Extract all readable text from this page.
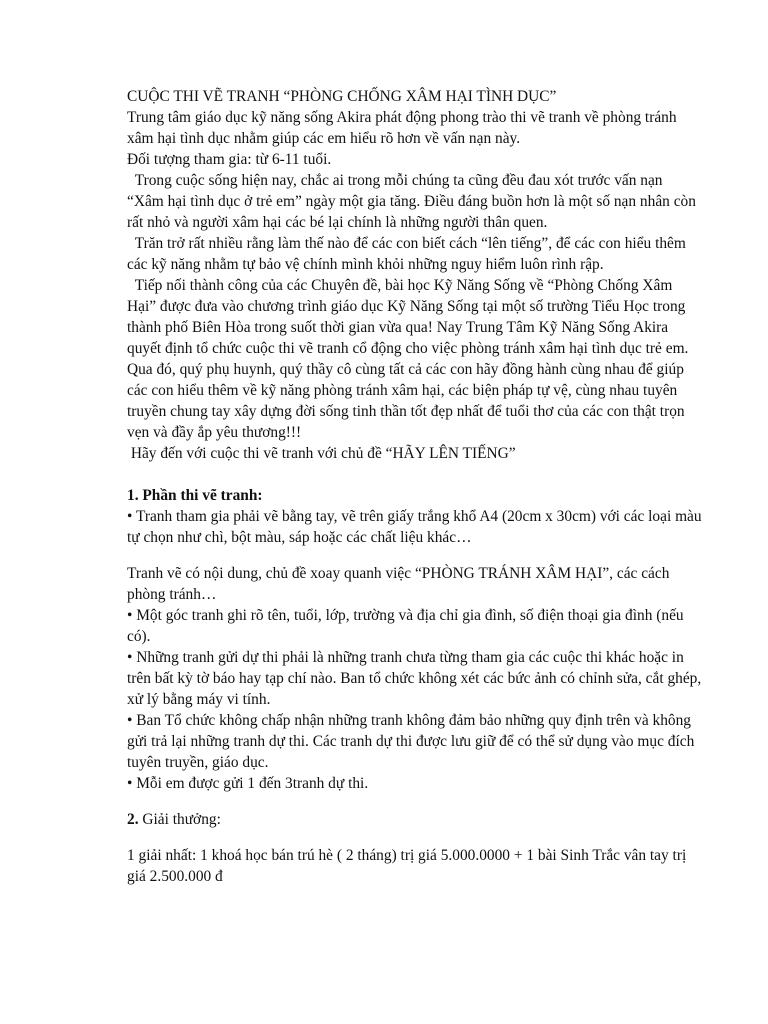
CUỘC THI VẼ TRANH “PHÒNG CHỐNG XÂM HẠI TÌNH DỤC”

Trung tâm giáo dục kỹ năng sống Akira phát động phong trào thi vẽ tranh về phòng tránh xâm hại tình dục nhằm giúp các em hiểu rõ hơn về vấn nạn này.

Đối tượng tham gia: từ 6-11 tuổi.

Trong cuộc sống hiện nay, chắc ai trong mỗi chúng ta cũng đều đau xót trước vấn nạn “Xâm hại tình dục ở trẻ em” ngày một gia tăng. Điều đáng buồn hơn là một số nạn nhân còn rất nhỏ và người xâm hại các bé lại chính là những người thân quen.

Trăn trở rất nhiều rằng làm thế nào để các con biết cách “lên tiếng”, để các con hiểu thêm các kỹ năng nhằm tự bảo vệ chính mình khỏi những nguy hiểm luôn rình rập.

Tiếp nối thành công của các Chuyên đề, bài học Kỹ Năng Sống về “Phòng Chống Xâm Hại” được đưa vào chương trình giáo dục Kỹ Năng Sống tại một số trường Tiểu Học trong thành phố Biên Hòa trong suốt thời gian vừa qua! Nay Trung Tâm Kỹ Năng Sống Akira quyết định tổ chức cuộc thi vẽ tranh cổ động cho việc phòng tránh xâm hại tình dục trẻ em. Qua đó, quý phụ huynh, quý thầy cô cùng tất cả các con hãy đồng hành cùng nhau để giúp các con hiểu thêm về kỹ năng phòng tránh xâm hại, các biện pháp tự vệ, cùng nhau tuyên truyền chung tay xây dựng đời sống tinh thần tốt đẹp nhất để tuổi thơ của các con thật trọn vẹn và đầy ắp yêu thương!!!

Hãy đến với cuộc thi vẽ tranh với chủ đề “HÃY LÊN TIẾNG”

1. Phần thi vẽ tranh:

• Tranh tham gia phải vẽ bằng tay, vẽ trên giấy trắng khổ A4 (20cm x 30cm) với các loại màu tự chọn như chì, bột màu, sáp hoặc các chất liệu khác…

Tranh vẽ có nội dung, chủ đề xoay quanh việc “PHÒNG TRÁNH XÂM HẠI”, các cách phòng tránh…

• Một góc tranh ghi rõ tên, tuổi, lớp, trường và địa chỉ gia đình, số điện thoại gia đình (nếu có).

• Những tranh gửi dự thi phải là những tranh chưa từng tham gia các cuộc thi khác hoặc in trên bất kỳ tờ báo hay tạp chí nào. Ban tổ chức không xét các bức ảnh có chỉnh sửa, cắt ghép, xử lý bằng máy vi tính.

• Ban Tổ chức không chấp nhận những tranh không đảm bảo những quy định trên và không gửi trả lại những tranh dự thi. Các tranh dự thi được lưu giữ để có thể sử dụng vào mục đích tuyên truyền, giáo dục.

• Mỗi em được gửi 1 đến 3tranh dự thi.

2. Giải thưởng:

1 giải nhất: 1 khoá học bán trú hè ( 2 tháng) trị giá 5.000.0000 + 1 bài Sinh Trắc vân tay trị giá 2.500.000 đ
